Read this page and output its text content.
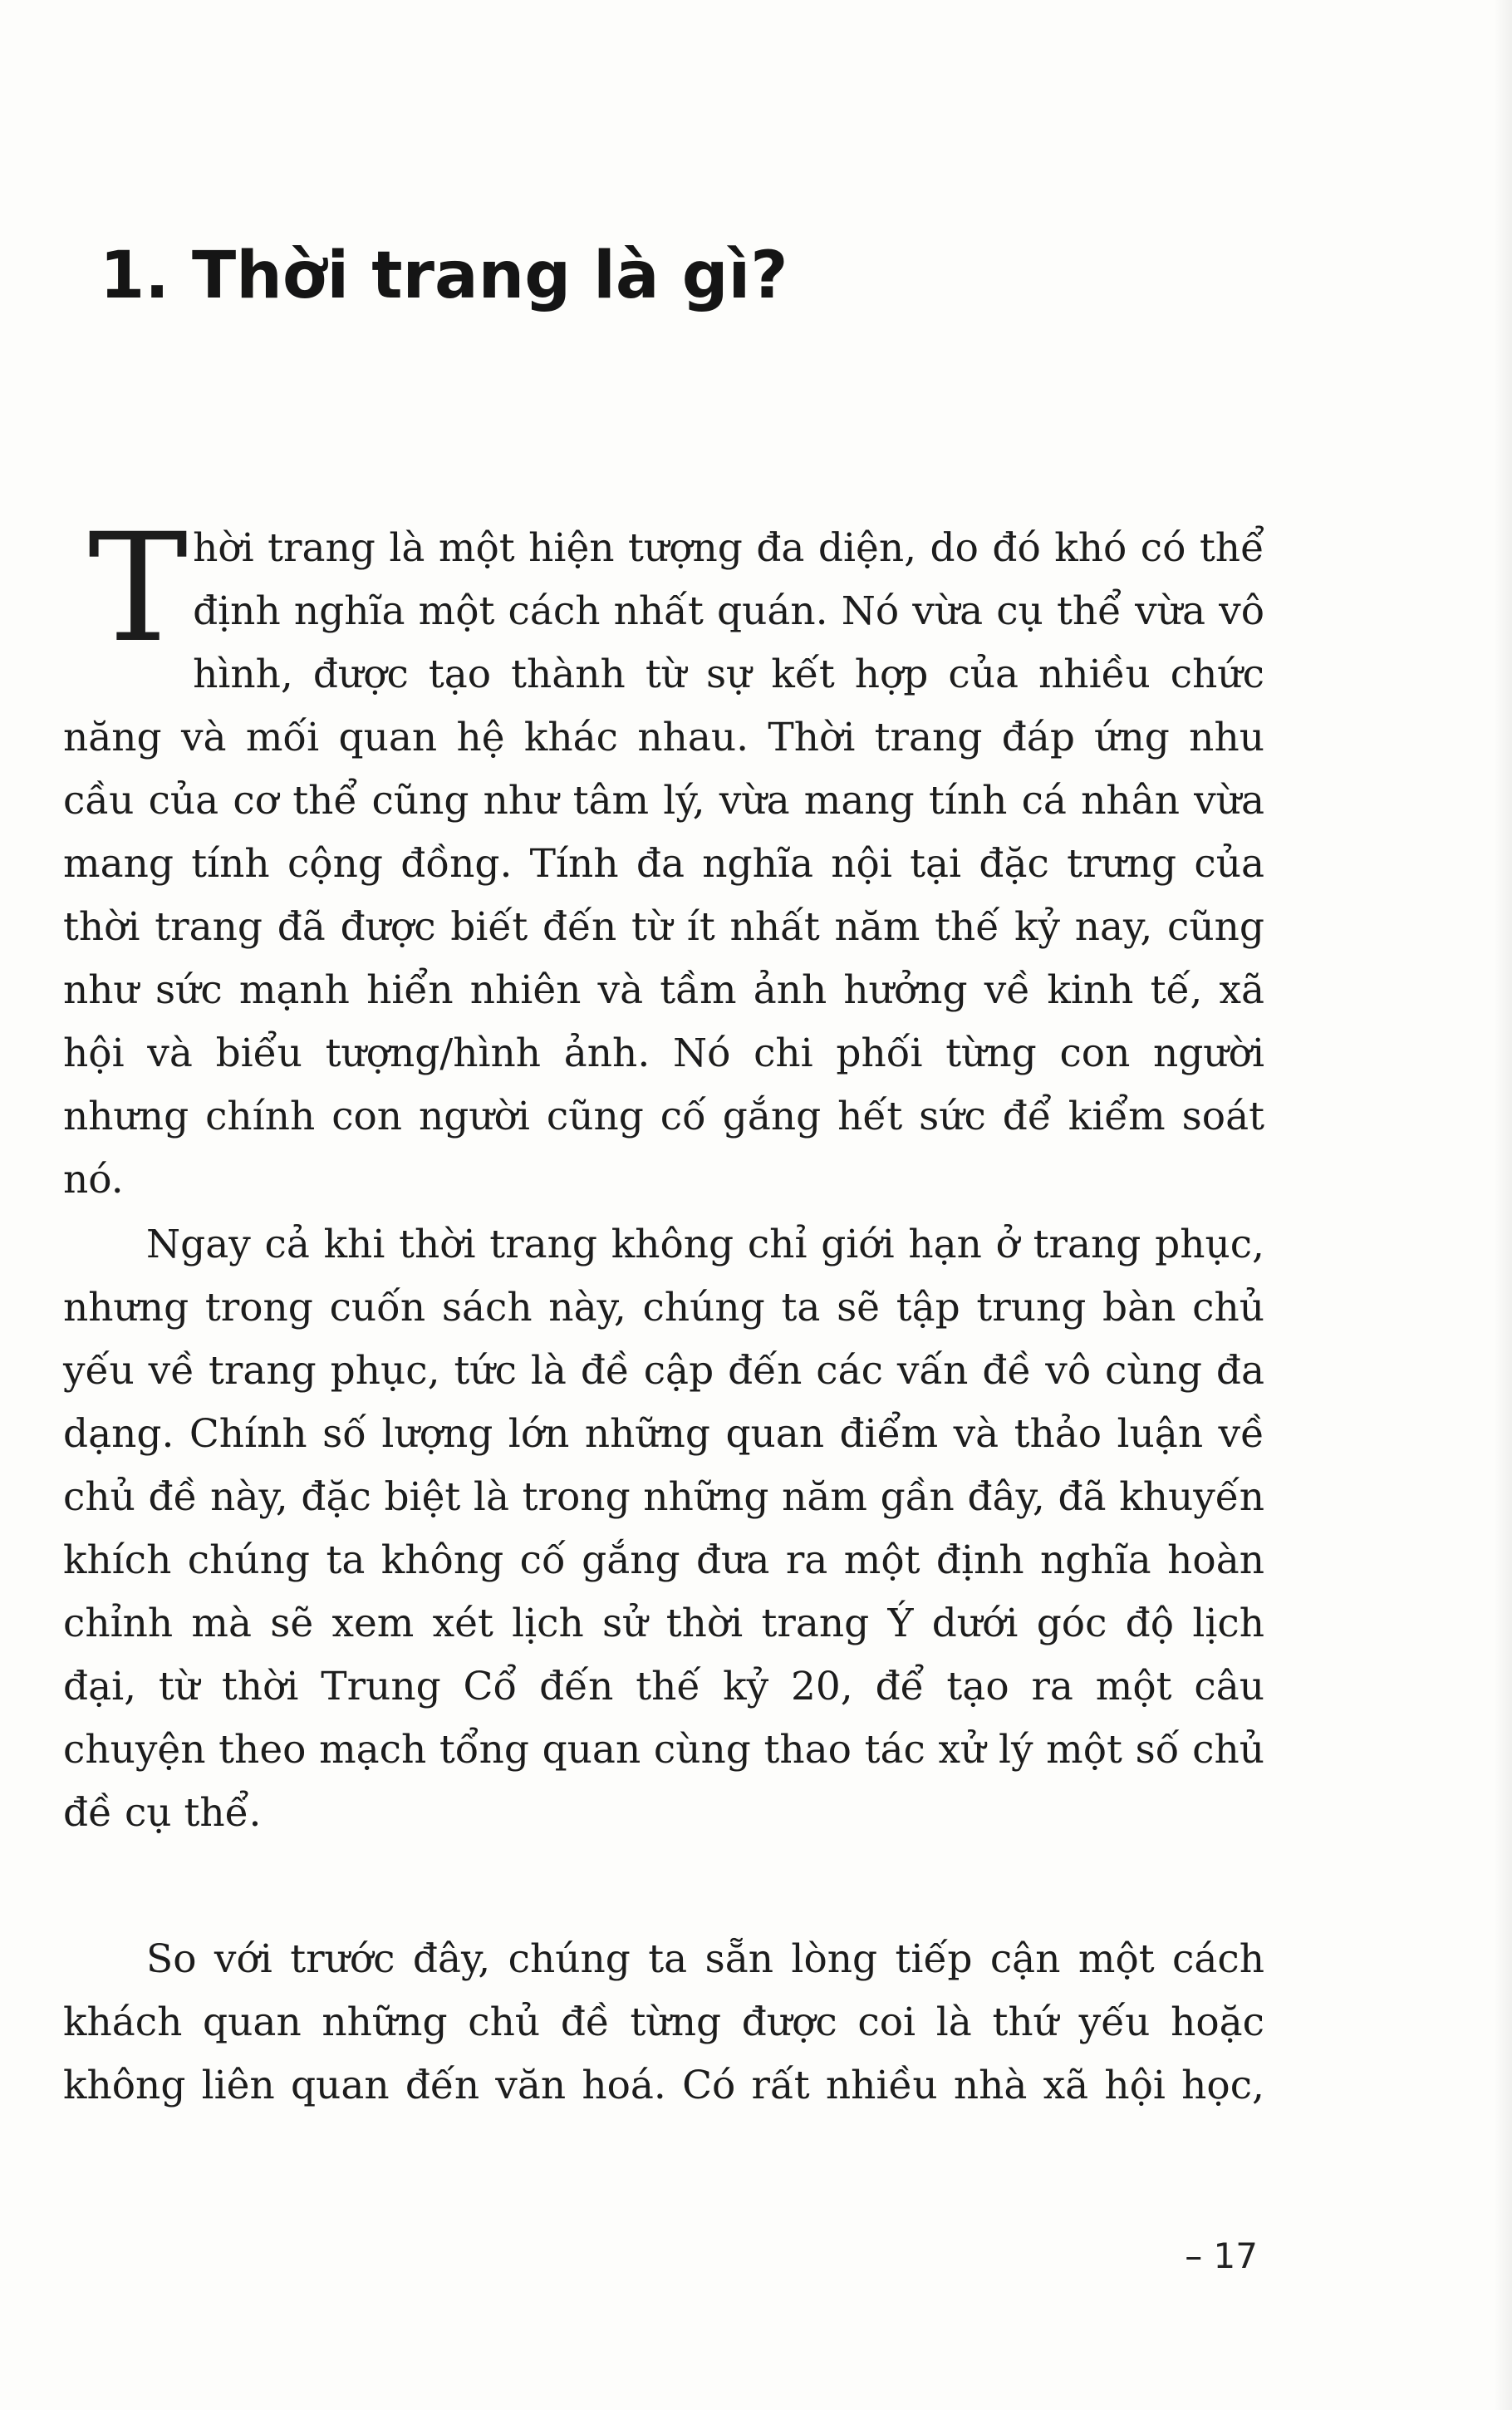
1. Thời trang là gì?

T hời trang là một hiện tượng đa diện, do đó khó có thể định nghĩa một cách nhất quán. Nó vừa cụ thể vừa vô hình, được tạo thành từ sự kết hợp của nhiều chức năng và mối quan hệ khác nhau. Thời trang đáp ứng nhu cầu của cơ thể cũng như tâm lý, vừa mang tính cá nhân vừa mang tính cộng đồng. Tính đa nghĩa nội tại đặc trưng của thời trang đã được biết đến từ ít nhất năm thế kỷ nay, cũng như sức mạnh hiển nhiên và tầm ảnh hưởng về kinh tế, xã hội và biểu tượng/hình ảnh. Nó chi phối từng con người nhưng chính con người cũng cố gắng hết sức để kiểm soát nó.

Ngay cả khi thời trang không chỉ giới hạn ở trang phục, nhưng trong cuốn sách này, chúng ta sẽ tập trung bàn chủ yếu về trang phục, tức là đề cập đến các vấn đề vô cùng đa dạng. Chính số lượng lớn những quan điểm và thảo luận về chủ đề này, đặc biệt là trong những năm gần đây, đã khuyến khích chúng ta không cố gắng đưa ra một định nghĩa hoàn chỉnh mà sẽ xem xét lịch sử thời trang Ý dưới góc độ lịch đại, từ thời Trung Cổ đến thế kỷ 20, để tạo ra một câu chuyện theo mạch tổng quan cùng thao tác xử lý một số chủ đề cụ thể.

So với trước đây, chúng ta sẵn lòng tiếp cận một cách khách quan những chủ đề từng được coi là thứ yếu hoặc không liên quan đến văn hoá. Có rất nhiều nhà xã hội học,

– 17
